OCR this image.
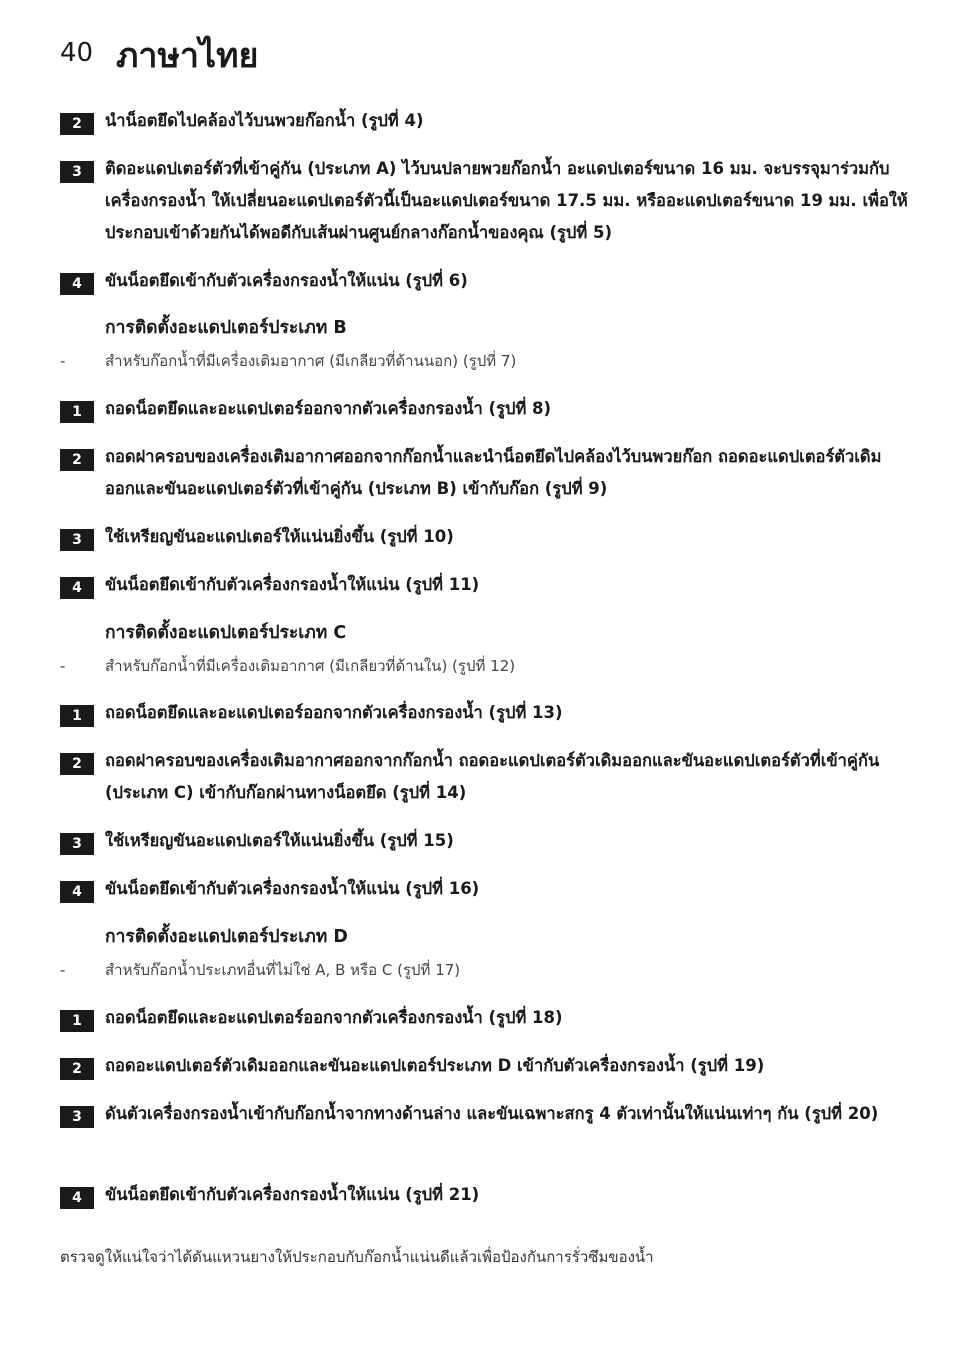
40 ภาษาไทย
2	นำน็อตยึดไปคล้องไว้บนพวยก๊อกน้ำ (รูปที่ 4)
3	ติดอะแดปเตอร์ตัวที่เข้าคู่กัน (ประเภท A) ไว้บนปลายพวยก๊อกน้ำ อะแดปเตอร์ขนาด 16 มม. จะบรรจุมาร่วมกับเครื่องกรองน้ำ ให้เปลี่ยนอะแดปเตอร์ตัวนี้เป็นอะแดปเตอร์ขนาด 17.5 มม. หรืออะแดปเตอร์ขนาด 19 มม. เพื่อให้ประกอบเข้าด้วยกันได้พอดีกับเส้นผ่านศูนย์กลางก๊อกน้ำของคุณ (รูปที่ 5)
4	ขันน็อตยึดเข้ากับตัวเครื่องกรองน้ำให้แน่น (รูปที่ 6)
การติดตั้งอะแดปเตอร์ประเภท B
-	สำหรับก๊อกน้ำที่มีเครื่องเติมอากาศ (มีเกลียวที่ด้านนอก) (รูปที่ 7)
1	ถอดน็อตยึดและอะแดปเตอร์ออกจากตัวเครื่องกรองน้ำ (รูปที่ 8)
2	ถอดฝาครอบของเครื่องเติมอากาศออกจากก๊อกน้ำและนำน็อตยึดไปคล้องไว้บนพวยก๊อก ถอดอะแดปเตอร์ตัวเดิมออกและขันอะแดปเตอร์ตัวที่เข้าคู่กัน (ประเภท B) เข้ากับก๊อก (รูปที่ 9)
3	ใช้เหรียญขันอะแดปเตอร์ให้แน่นยิ่งขึ้น (รูปที่ 10)
4	ขันน็อตยึดเข้ากับตัวเครื่องกรองน้ำให้แน่น (รูปที่ 11)
การติดตั้งอะแดปเตอร์ประเภท C
-	สำหรับก๊อกน้ำที่มีเครื่องเติมอากาศ (มีเกลียวที่ด้านใน) (รูปที่ 12)
1	ถอดน็อตยึดและอะแดปเตอร์ออกจากตัวเครื่องกรองน้ำ (รูปที่ 13)
2	ถอดฝาครอบของเครื่องเติมอากาศออกจากก๊อกน้ำ ถอดอะแดปเตอร์ตัวเดิมออกและขันอะแดปเตอร์ตัวที่เข้าคู่กัน (ประเภท C) เข้ากับก๊อกผ่านทางน็อตยึด (รูปที่ 14)
3	ใช้เหรียญขันอะแดปเตอร์ให้แน่นยิ่งขึ้น (รูปที่ 15)
4	ขันน็อตยึดเข้ากับตัวเครื่องกรองน้ำให้แน่น (รูปที่ 16)
การติดตั้งอะแดปเตอร์ประเภท D
-	สำหรับก๊อกน้ำประเภทอื่นที่ไม่ใช่ A, B หรือ C (รูปที่ 17)
1	ถอดน็อตยึดและอะแดปเตอร์ออกจากตัวเครื่องกรองน้ำ (รูปที่ 18)
2	ถอดอะแดปเตอร์ตัวเดิมออกและขันอะแดปเตอร์ประเภท D เข้ากับตัวเครื่องกรองน้ำ (รูปที่ 19)
3	ดันตัวเครื่องกรองน้ำเข้ากับก๊อกน้ำจากทางด้านล่าง และขันเฉพาะสกรู 4 ตัวเท่านั้นให้แน่นเท่าๆ กัน (รูปที่ 20)
4	ขันน็อตยึดเข้ากับตัวเครื่องกรองน้ำให้แน่น (รูปที่ 21)
ตรวจดูให้แน่ใจว่าได้ดันแหวนยางให้ประกอบกับก๊อกน้ำแน่นดีแล้วเพื่อป้องกันการรั่วซึมของน้ำ
